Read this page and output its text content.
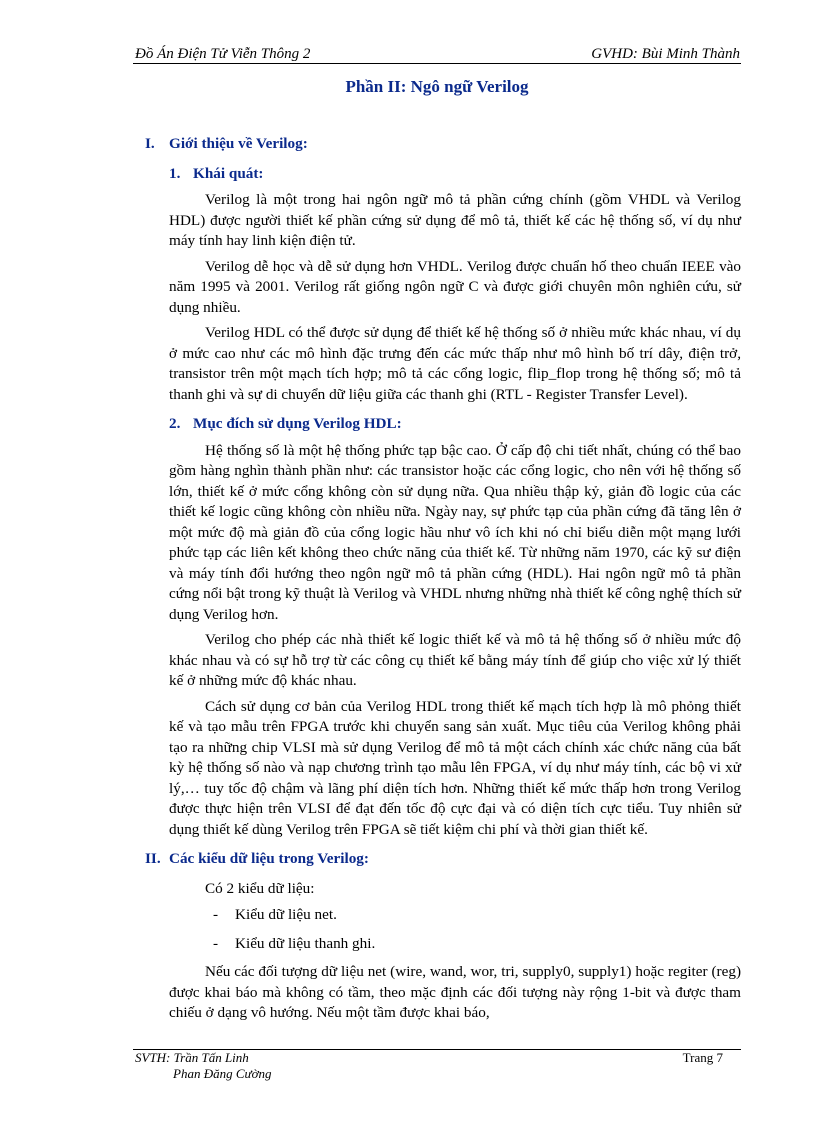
Đồ Án Điện Tử Viễn Thông 2	GVHD: Bùi Minh Thành
Phần II: Ngô ngữ Verilog
I. Giới thiệu về Verilog:
1. Khái quát:

Verilog là một trong hai ngôn ngữ mô tả phần cứng chính (gồm VHDL và Verilog HDL) được người thiết kế phần cứng sử dụng để mô tả, thiết kế các hệ thống số, ví dụ như máy tính hay linh kiện điện tử.

Verilog dễ học và dễ sử dụng hơn VHDL. Verilog được chuẩn hố theo chuẩn IEEE vào năm 1995 và 2001. Verilog rất giống ngôn ngữ C và được giới chuyên môn nghiên cứu, sử dụng nhiều.

Verilog HDL có thể được sử dụng để thiết kế hệ thống số ở nhiều mức khác nhau, ví dụ ở mức cao như các mô hình đặc trưng đến các mức thấp như mô hình bố trí dây, điện trở, transistor trên một mạch tích hợp; mô tả các cổng logic, flip_flop trong hệ thống số; mô tả thanh ghi và sự di chuyển dữ liệu giữa các thanh ghi (RTL - Register Transfer Level).

2. Mục đích sử dụng Verilog HDL:

Hệ thống số là một hệ thống phức tạp bậc cao. Ở cấp độ chi tiết nhất, chúng có thể bao gồm hàng nghìn thành phần như: các transistor hoặc các cổng logic, cho nên với hệ thống số lớn, thiết kế ở mức cổng không còn sử dụng nữa. Qua nhiều thập kỷ, giản đồ logic của các thiết kế logic cũng không còn nhiều nữa. Ngày nay, sự phức tạp của phần cứng đã tăng lên ở một mức độ mà giản đồ của cổng logic hầu như vô ích khi nó chỉ biểu diễn một mạng lưới phức tạp các liên kết không theo chức năng của thiết kế. Từ những năm 1970, các kỹ sư điện và máy tính đổi hướng theo ngôn ngữ mô tả phần cứng (HDL). Hai ngôn ngữ mô tả phần cứng nổi bật trong kỹ thuật là Verilog và VHDL nhưng những nhà thiết kế công nghệ thích sử dụng Verilog hơn.

Verilog cho phép các nhà thiết kế logic thiết kế và mô tả hệ thống số ở nhiều mức độ khác nhau và có sự hỗ trợ từ các công cụ thiết kế bằng máy tính để giúp cho việc xử lý thiết kế ở những mức độ khác nhau.

Cách sử dụng cơ bản của Verilog HDL trong thiết kế mạch tích hợp là mô phỏng thiết kế và tạo mẫu trên FPGA trước khi chuyển sang sản xuất. Mục tiêu của Verilog không phải tạo ra những chip VLSI mà sử dụng Verilog để mô tả một cách chính xác chức năng của bất kỳ hệ thống số nào và nạp chương trình tạo mẫu lên FPGA, ví dụ như máy tính, các bộ vi xử lý,… tuy tốc độ chậm và lãng phí diện tích hơn. Những thiết kế mức thấp hơn trong Verilog được thực hiện trên VLSI để đạt đến tốc độ cực đại và có diện tích cực tiểu. Tuy nhiên sử dụng thiết kế dùng Verilog trên FPGA sẽ tiết kiệm chi phí và thời gian thiết kế.

II. Các kiểu dữ liệu trong Verilog:

Có 2 kiểu dữ liệu:

- Kiểu dữ liệu net.
- Kiểu dữ liệu thanh ghi.

Nếu các đối tượng dữ liệu net (wire, wand, wor, tri, supply0, supply1) hoặc regiter (reg) được khai báo mà không có tầm, theo mặc định các đối tượng này rộng 1-bit và được tham chiếu ở dạng vô hướng. Nếu một tầm được khai báo,

SVTH: Trần Tấn Linh
Phan Đăng Cường
Trang 7
